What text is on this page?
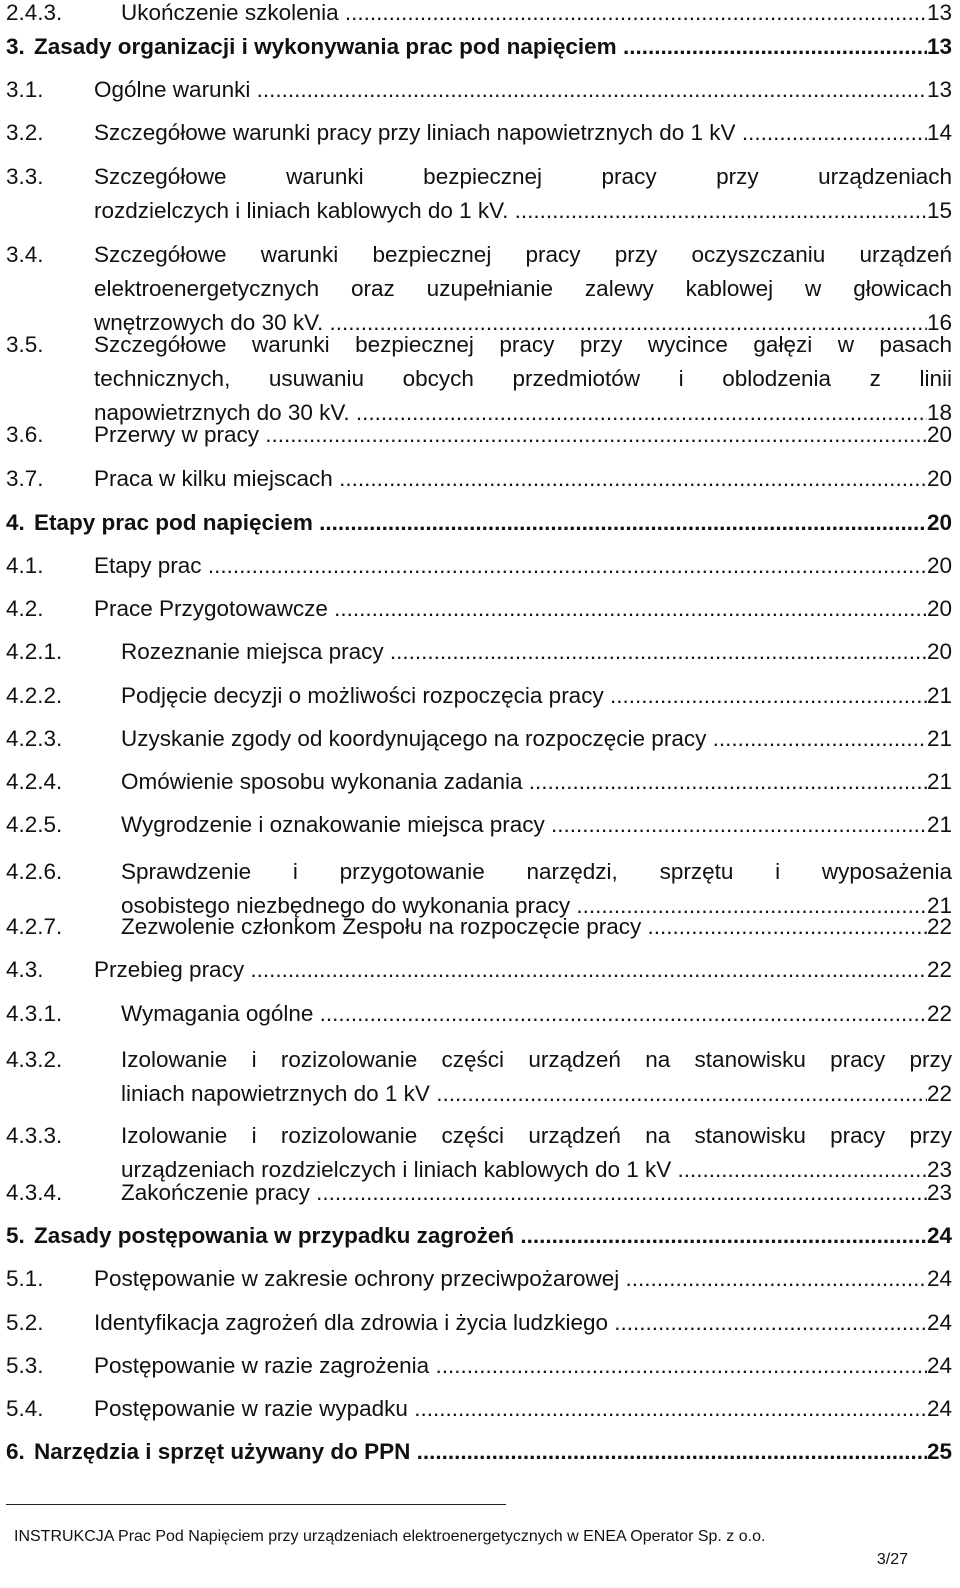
2.4.3.	Ukończenie szkolenia .....	13
3. Zasady organizacji i wykonywania prac pod napięciem .....	13
3.1.	Ogólne warunki .....	13
3.2.	Szczegółowe warunki pracy przy liniach napowietrznych do 1 kV .....	14
3.3.	Szczegółowe warunki bezpiecznej pracy przy urządzeniach
rozdzielczych i liniach kablowych do 1 kV. .....	15
3.4.	Szczegółowe warunki bezpiecznej pracy przy oczyszczaniu urządzeń
elektroenergetycznych oraz uzupełnianie zalewy kablowej w głowicach
wnętrzowych do 30 kV. .....	16
3.5.	Szczegółowe warunki bezpiecznej pracy przy wycince gałęzi w pasach
technicznych, usuwaniu obcych przedmiotów i oblodzenia z linii
napowietrznych do 30 kV. .....	18
3.6.	Przerwy w pracy .....	20
3.7.	Praca w kilku miejscach .....	20
4. Etapy prac pod napięciem .....	20
4.1.	Etapy prac .....	20
4.2.	Prace Przygotowawcze .....	20
4.2.1.	Rozeznanie miejsca pracy .....	20
4.2.2.	Podjęcie decyzji o możliwości rozpoczęcia pracy .....	21
4.2.3.	Uzyskanie zgody od koordynującego na rozpoczęcie pracy .....	21
4.2.4.	Omówienie sposobu wykonania zadania .....	21
4.2.5.	Wygrodzenie i oznakowanie miejsca pracy .....	21
4.2.6.	Sprawdzenie i przygotowanie narzędzi, sprzętu i wyposażenia
osobistego niezbędnego do wykonania pracy .....	21
4.2.7.	Zezwolenie członkom Zespołu na rozpoczęcie pracy .....	22
4.3.	Przebieg pracy .....	22
4.3.1.	Wymagania ogólne .....	22
4.3.2.	Izolowanie i rozizolowanie części urządzeń na stanowisku pracy przy
liniach napowietrznych do 1 kV .....	22
4.3.3.	Izolowanie i rozizolowanie części urządzeń na stanowisku pracy przy
urządzeniach rozdzielczych i liniach kablowych do 1 kV .....	23
4.3.4.	Zakończenie pracy .....	23
5. Zasady postępowania w przypadku zagrożeń .....	24
5.1.	Postępowanie w zakresie ochrony przeciwpożarowej .....	24
5.2.	Identyfikacja zagrożeń dla zdrowia i życia ludzkiego .....	24
5.3.	Postępowanie w razie zagrożenia .....	24
5.4.	Postępowanie w razie wypadku .....	24
6. Narzędzia i sprzęt używany do PPN .....	25
INSTRUKCJA Prac Pod Napięciem przy urządzeniach elektroenergetycznych w ENEA Operator Sp. z o.o.
3/27
